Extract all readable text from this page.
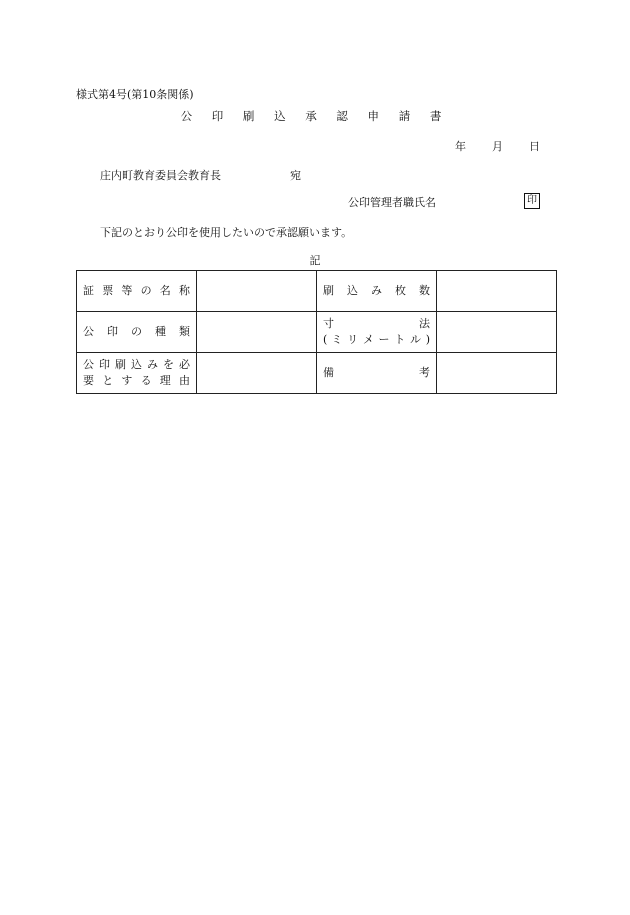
様式第4号(第10条関係)
公 印 刷 込 承 認 申 請 書
年	月	日
庄内町教育委員会教育長	宛
公印管理者職氏名	印
下記のとおり公印を使用したいので承認願います。
記
証 票 等 の 名 称		刷 込 み 枚 数	

公 印 の 種 類		寸 法
( ミ リ メ ー ト ル )	

公 印 刷 込 み を 必
要 と す る 理 由		備 考	
